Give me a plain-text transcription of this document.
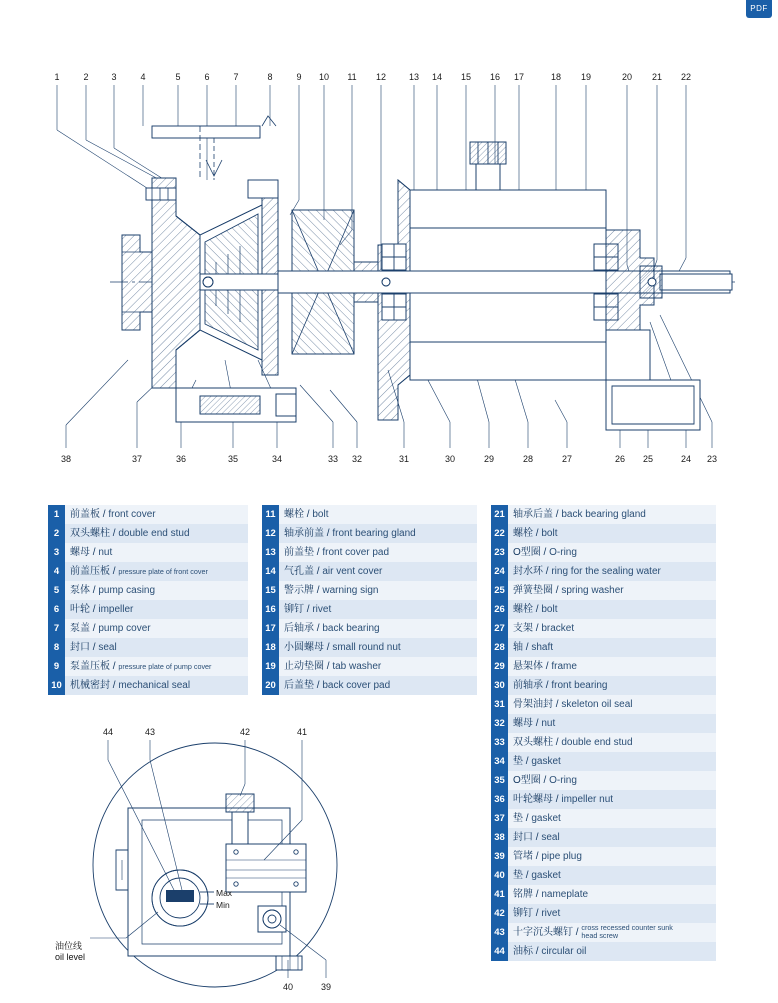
PDF
1	2	3	4	5	6	7	8	9 10 11 12	13 14 15 16 17	18 19	20 21 22
38	37	36	35	34	33 32	31	30	29	28	27	26 25	24 23
1	前盖板 / front cover
2	双头螺柱 / double end stud
3	螺母 / nut
4	前盖压板 / pressure plate of front cover
5	泵体 / pump casing
6	叶轮 / impeller
7	泵盖 / pump cover
8	封口 / seal
9	泵盖压板 / pressure plate of pump cover
10 机械密封 / mechanical seal
11 螺栓 / bolt
12 轴承前盖 / front bearing gland
13 前盖垫 / front cover pad
14 气孔盖 / air vent cover
15 警示牌 / warning sign
16 铆钉 / rivet
17 后轴承 / back bearing
18 小圆螺母 / small round nut
19 止动垫圈 / tab washer
20 后盖垫 / back cover pad
21 轴承后盖 / back bearing gland
22 螺栓 / bolt
23 O型圈 / O-ring
24 封水环 / ring for the sealing water
25 弹簧垫圈 / spring washer
26 螺栓 / bolt
27 支架 / bracket
28 轴 / shaft
29 悬架体 / frame
30 前轴承 / front bearing
31 骨架油封 / skeleton oil seal
32 螺母 / nut
33 双头螺柱 / double end stud
34 垫 / gasket
35 O型圈 / O-ring
36 叶轮螺母 / impeller nut
37 垫 / gasket
38 封口 / seal
39 管堵 / pipe plug
40 垫 / gasket
41 铭牌 / nameplate
42 铆钉 / rivet
43 十字沉头螺钉 / cross recessed counter sunk head screw
44 油标 / circular oil
44	43	42	41
40	39
Max
Min
油位线
oil level
